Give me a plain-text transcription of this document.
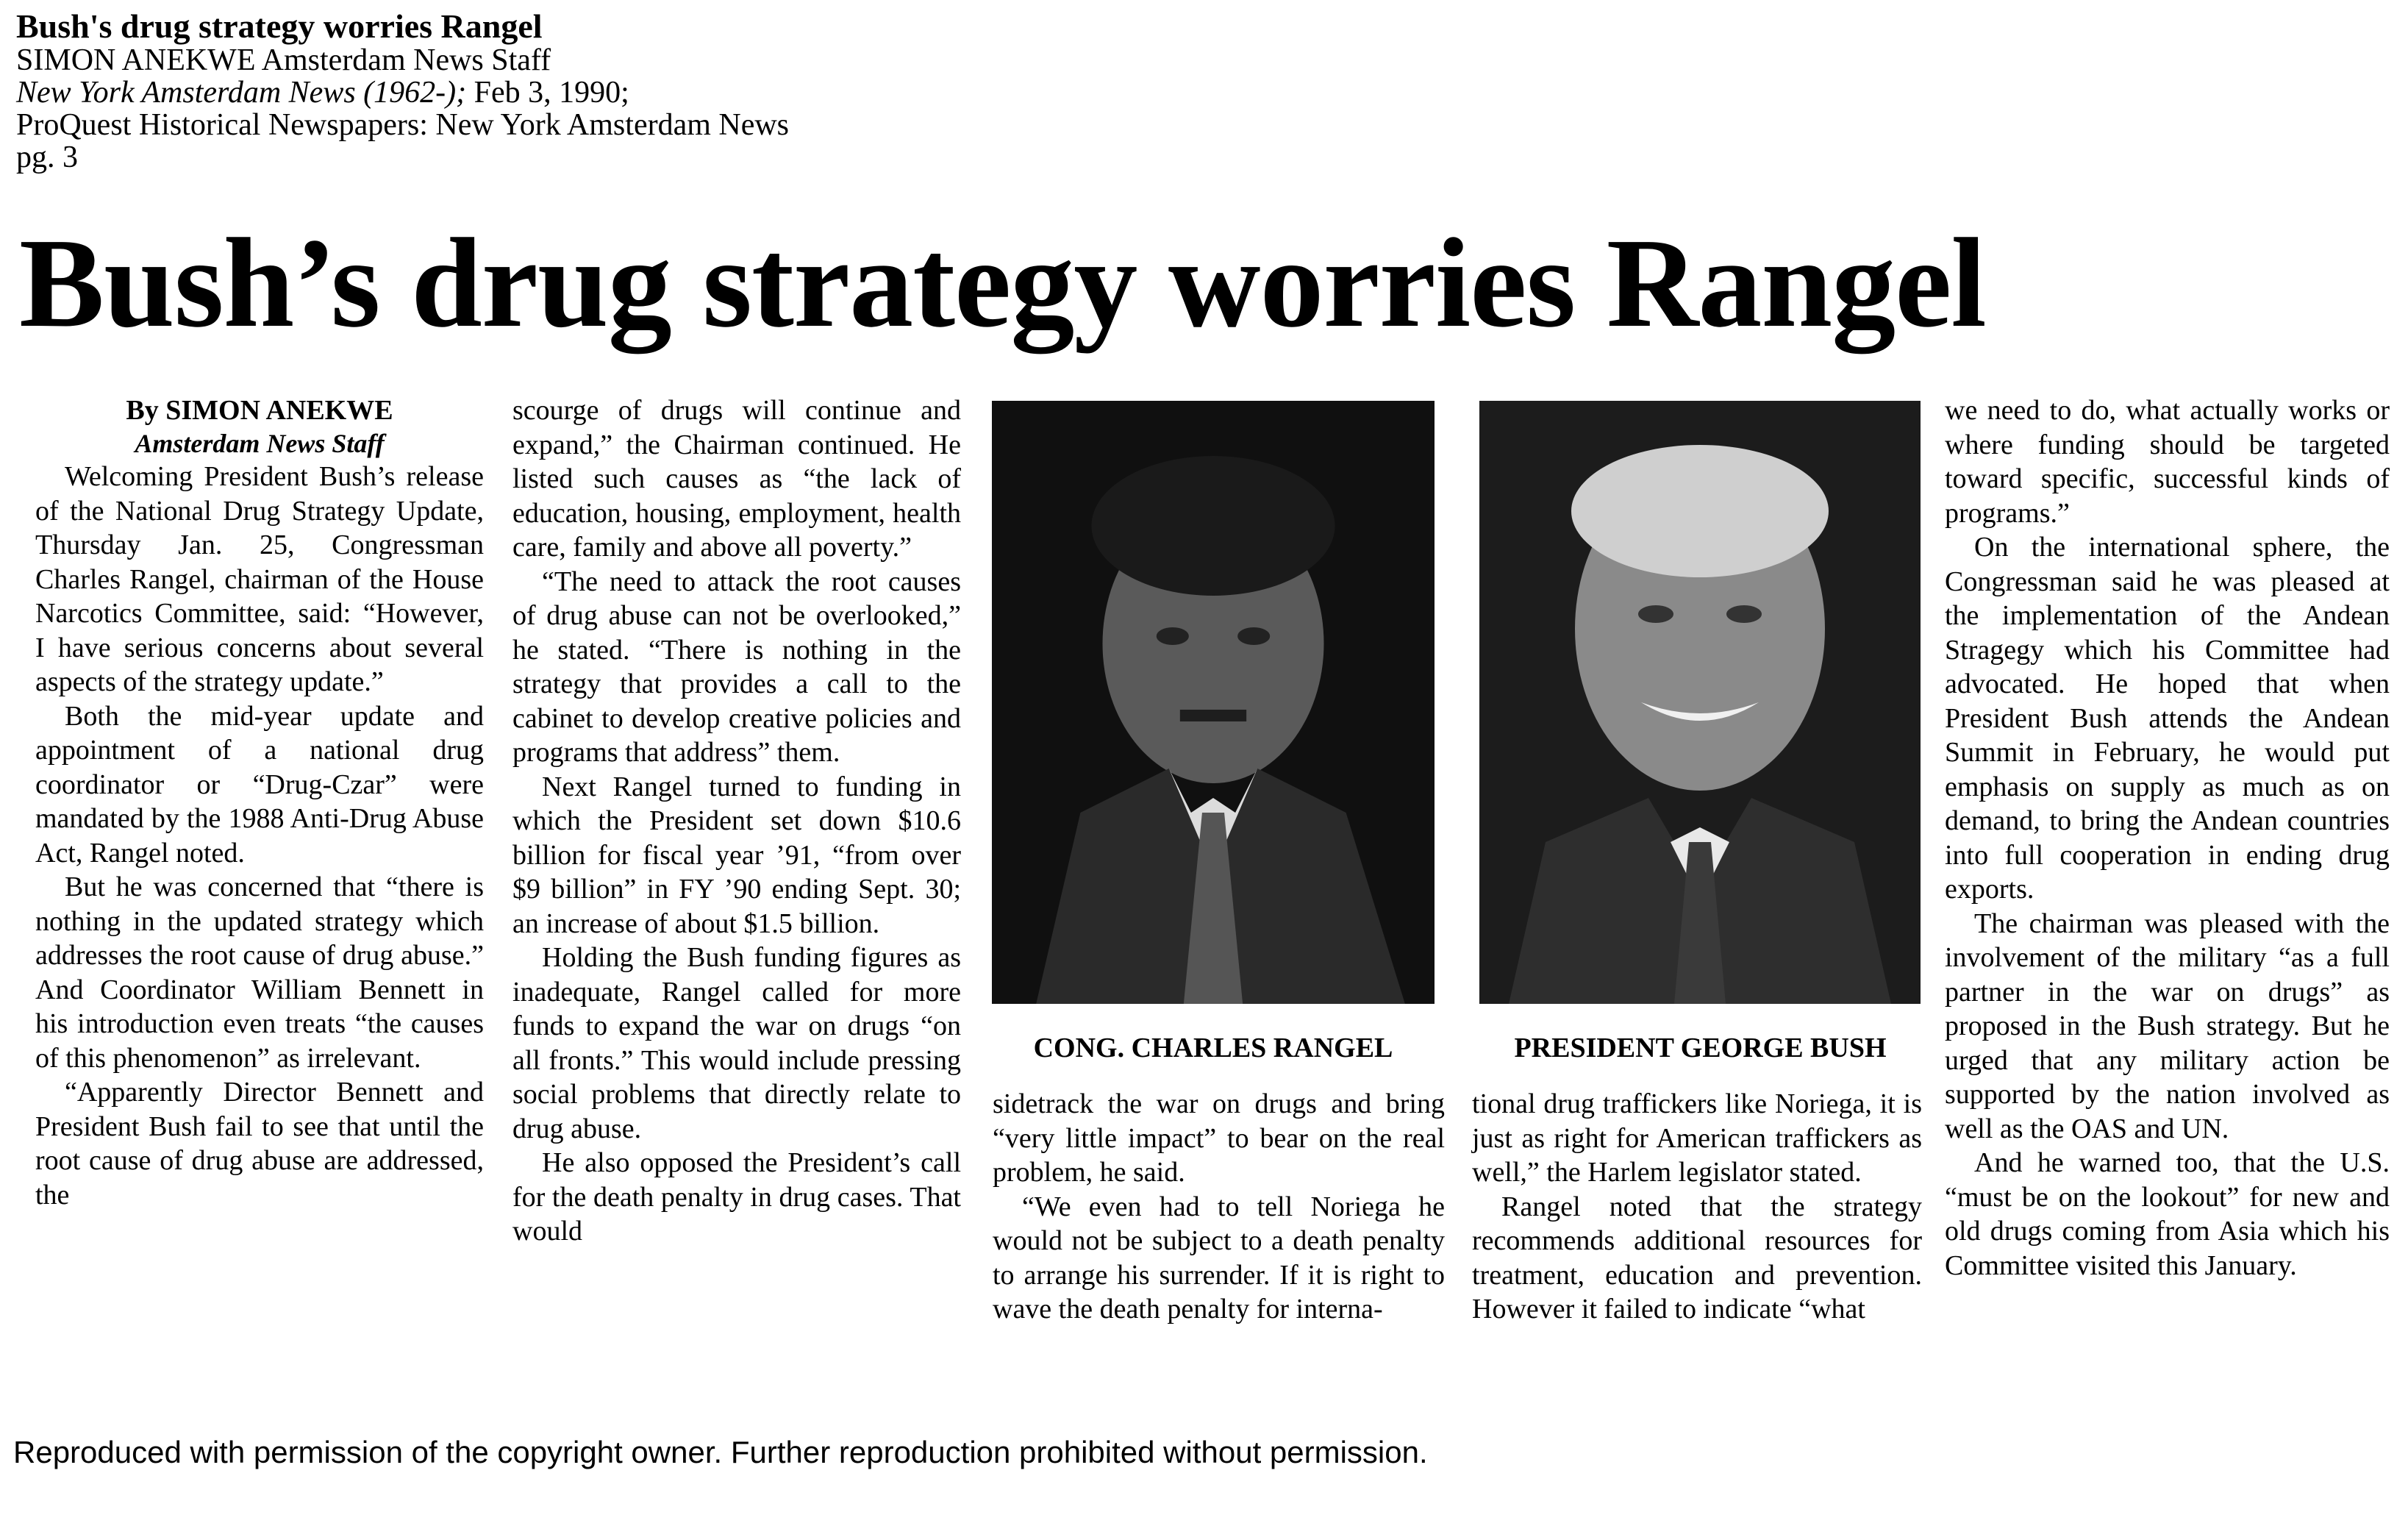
Bush's drug strategy worries Rangel
SIMON ANEKWE Amsterdam News Staff
New York Amsterdam News (1962-); Feb 3, 1990;
ProQuest Historical Newspapers: New York Amsterdam News
pg. 3
Bush’s drug strategy worries Rangel
By SIMON ANEKWE
Amsterdam News Staff

Welcoming President Bush’s release of the National Drug Strategy Update, Thursday Jan. 25, Congressman Charles Rangel, chairman of the House Narcotics Committee, said: “However, I have serious concerns about several aspects of the strategy update.”

Both the mid-year update and appointment of a national drug coordinator or “Drug-Czar” were mandated by the 1988 Anti-Drug Abuse Act, Rangel noted.

But he was concerned that “there is nothing in the updated strategy which addresses the root cause of drug abuse.” And Coordinator William Bennett in his introduction even treats “the causes of this phenomenon” as irrelevant.

“Apparently Director Bennett and President Bush fail to see that until the root cause of drug abuse are addressed, the

scourge of drugs will continue and expand,” the Chairman continued. He listed such causes as “the lack of education, housing, employment, health care, family and above all poverty.”

“The need to attack the root causes of drug abuse can not be overlooked,” he stated. “There is nothing in the strategy that provides a call to the cabinet to develop creative policies and programs that address” them.

Next Rangel turned to funding in which the President set down $10.6 billion for fiscal year ’91, “from over $9 billion” in FY ’90 ending Sept. 30; an increase of about $1.5 billion.

Holding the Bush funding figures as inadequate, Rangel called for more funds to expand the war on drugs “on all fronts.” This would include pressing social problems that directly relate to drug abuse.

He also opposed the President’s call for the death penalty in drug cases. That would

CONG. CHARLES RANGEL	PRESIDENT GEORGE BUSH

sidetrack the war on drugs and bring “very little impact” to bear on the real problem, he said.

“We even had to tell Noriega he would not be subject to a death penalty to arrange his surrender. If it is right to wave the death penalty for interna-

tional drug traffickers like Noriega, it is just as right for American traffickers as well,” the Harlem legislator stated.

Rangel noted that the strategy recommends additional resources for treatment, education and prevention. However it failed to indicate “what

we need to do, what actually works or where funding should be targeted toward specific, successful kinds of programs.”

On the international sphere, the Congressman said he was pleased at the implementation of the Andean Stragegy which his Committee had advocated. He hoped that when President Bush attends the Andean Summit in February, he would put emphasis on supply as much as on demand, to bring the Andean countries into full cooperation in ending drug exports.

The chairman was pleased with the involvement of the military “as a full partner in the war on drugs” as proposed in the Bush strategy. But he urged that any military action be supported by the nation involved as well as the OAS and UN.

And he warned too, that the U.S. “must be on the lookout” for new and old drugs coming from Asia which his Committee visited this January.

Reproduced with permission of the copyright owner. Further reproduction prohibited without permission.
